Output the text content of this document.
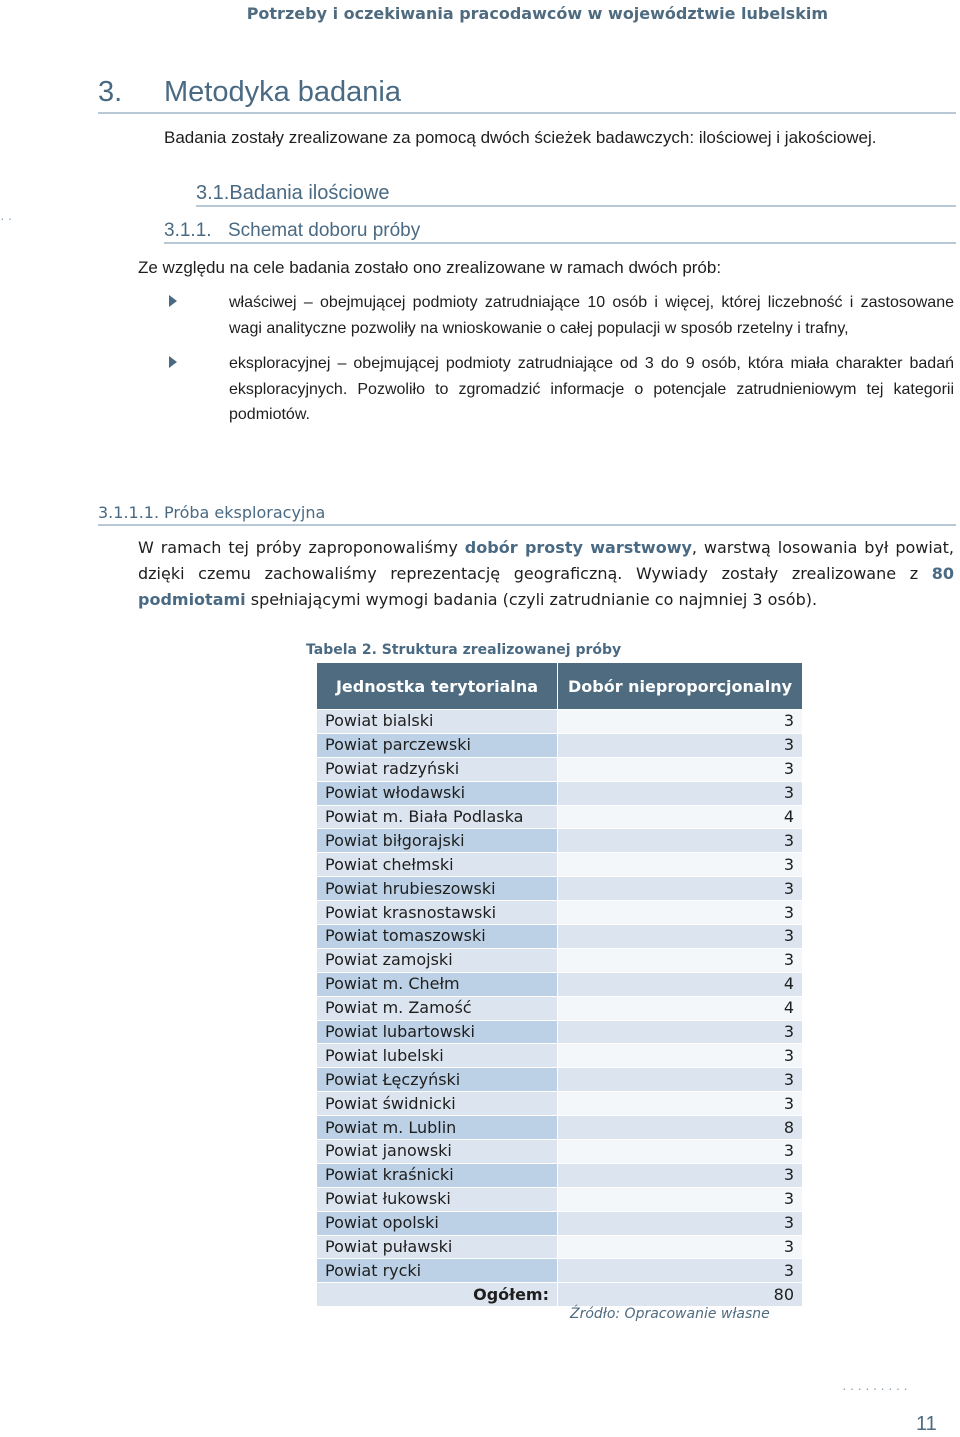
Potrzeby i oczekiwania pracodawców w województwie lubelskim
3. Metodyka badania
Badania zostały zrealizowane za pomocą dwóch ścieżek badawczych: ilościowej i jakościowej.
3.1.Badania ilościowe
··
3.1.1. Schemat doboru próby
Ze względu na cele badania zostało ono zrealizowane w ramach dwóch prób:
właściwej – obejmującej podmioty zatrudniające 10 osób i więcej, której liczebność i zastosowane wagi analityczne pozwoliły na wnioskowanie o całej populacji w sposób rzetelny i trafny,
eksploracyjnej – obejmującej podmioty zatrudniające od 3 do 9 osób, która miała charakter badań eksploracyjnych. Pozwoliło to zgromadzić informacje o potencjale zatrudnieniowym tej kategorii podmiotów.
3.1.1.1. Próba eksploracyjna
W ramach tej próby zaproponowaliśmy dobór prosty warstwowy, warstwą losowania był powiat, dzięki czemu zachowaliśmy reprezentację geograficzną. Wywiady zostały zrealizowane z 80 podmiotami spełniającymi wymogi badania (czyli zatrudnianie co najmniej 3 osób).
Tabela 2. Struktura zrealizowanej próby
Jednostka terytorialna	Dobór nieproporcjonalny
Powiat bialski	3
Powiat parczewski	3
Powiat radzyński	3
Powiat włodawski	3
Powiat m. Biała Podlaska	4
Powiat biłgorajski	3
Powiat chełmski	3
Powiat hrubieszowski	3
Powiat krasnostawski	3
Powiat tomaszowski	3
Powiat zamojski	3
Powiat m. Chełm	4
Powiat m. Zamość	4
Powiat lubartowski	3
Powiat lubelski	3
Powiat Łęczyński	3
Powiat świdnicki	3
Powiat m. Lublin	8
Powiat janowski	3
Powiat kraśnicki	3
Powiat łukowski	3
Powiat opolski	3
Powiat puławski	3
Powiat rycki	3
Ogółem:	80
Źródło: Opracowanie własne
·········
11
